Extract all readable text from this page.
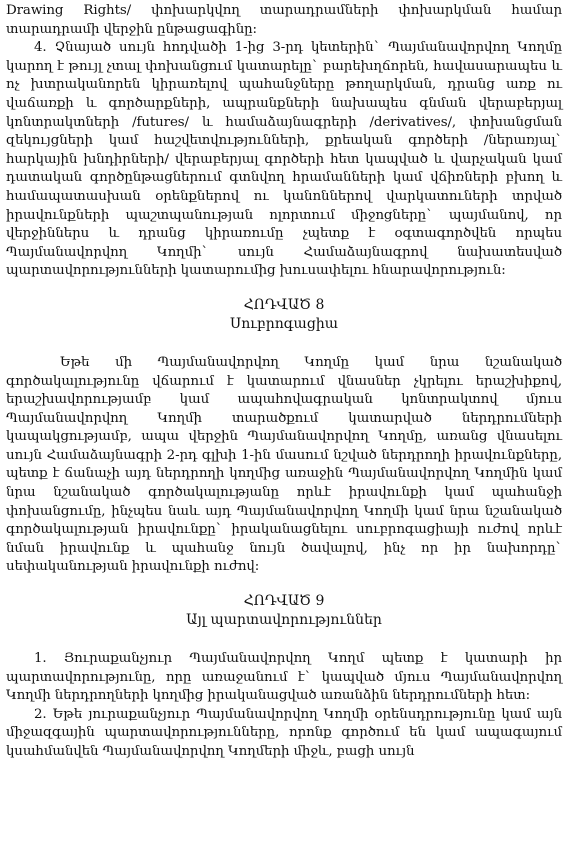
Drawing Rights/ փոխարկվող տարադրամների փոխարկման համար տարադրամի վերջին ընթացագինը:

4. Չնայած սույն հոդվածի 1-ից 3-րդ կետերին` Պայմանավորվող Կողմը կարող է թույլ չտալ փոխանցում կատարելը` բարեխղճորեն, հավասարապես և ոչ խտրականորեն կիրառելով պահանջները թողարկման, դրանց առք ու վաճառքի և գործարքների, ապրանքների նախապես գնման վերաբերյալ կոնտրակտների /futures/ և համաձայնագրերի /derivatives/, փոխանցման զեկույցների կամ հաշվետվությունների, քրեական գործերի /ներառյալ` հարկային խնդիրների/ վերաբերյալ գործերի հետ կապված և վարչական կամ դատական գործընթացներում գտնվող հրամանների կամ վճիռների բխող և համապատասխան օրենքներով ու կանոններով վարկատուների տրված իրավունքների պաշտպանության ոլորտում միջոցները` պայմանով, որ վերջիններս և դրանց կիրառումը չպետք է օգտագործվեն որպես Պայմանավորվող Կողմի` սույն Համաձայնագրով նախատեսված պարտավորությունների կատարումից խուսափելու հնարավորություն:

ՀՈԴՎԱԾ 8

Սուբրոգացիա

Եթե մի Պայմանավորվող Կողմը կամ նրա նշանակած գործակալությունը վճարում է կատարում վնասներ չկրելու երաշխիքով, երաշխավորությամբ կամ ապահովագրական կոնտրակտով մյուս Պայմանավորվող Կողմի տարածքում կատարված ներդրումների կապակցությամբ, ապա վերջին Պայմանավորվող Կողմը, առանց վնասելու սույն Համաձայնագրի 2-րդ գլխի 1-ին մասում նշված ներդրողի իրավունքները, պետք է ճանաչի այդ ներդրողի կողմից առաջին Պայմանավորվող Կողմին կամ նրա նշանակած գործակալությանը որևէ իրավունքի կամ պահանջի փոխանցումը, ինչպես նաև այդ Պայմանավորվող Կողմի կամ նրա նշանակած գործակալության իրավունքը` իրականացնելու սուբրոգացիայի ուժով որևէ նման իրավունք և պահանջ նույն ծավալով, ինչ որ իր նախորդը` սեփականության իրավունքի ուժով:

ՀՈԴՎԱԾ 9

Այլ պարտավորություններ

1. Յուրաքանչյուր Պայմանավորվող Կողմ պետք է կատարի իր պարտավորությունը, որը առաջանում է` կապված մյուս Պայմանավորվող Կողմի ներդրողների կողմից իրականացված առանձին ներդրումների հետ:

2. Եթե յուրաքանչյուր Պայմանավորվող Կողմի օրենսդրությունը կամ այն միջազգային պարտավորությունները, որոնք գործում են կամ ապագայում կսահմանվեն Պայմանավորվող Կողմերի միջև, բացի սույն
